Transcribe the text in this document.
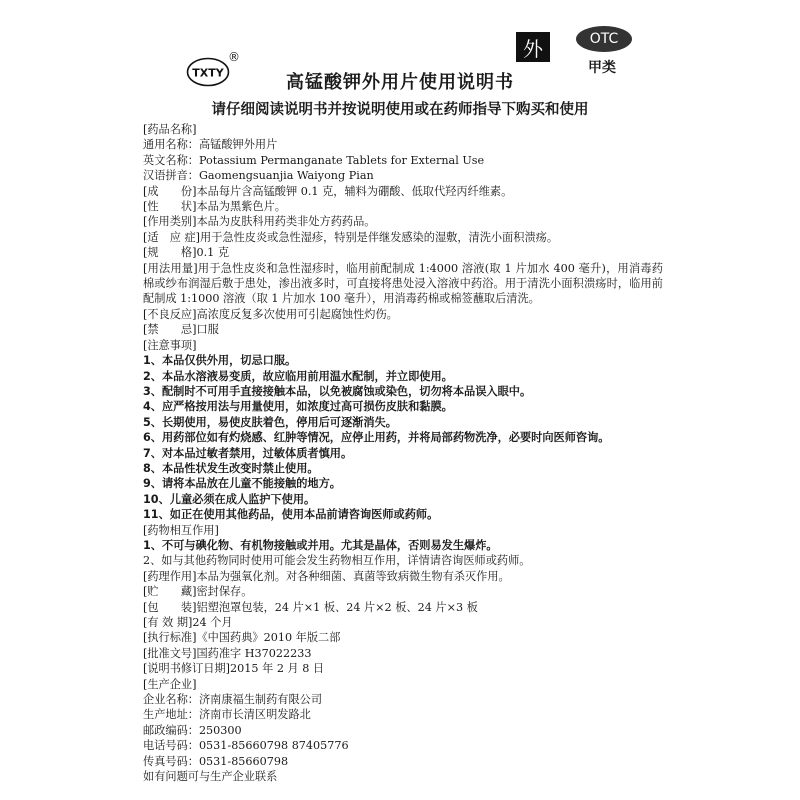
TXTY
®	外	OTC
甲类
高锰酸钾外用片使用说明书
请仔细阅读说明书并按说明使用或在药师指导下购买和使用
[药品名称]
通用名称：高锰酸钾外用片
英文名称：Potassium Permanganate Tablets for External Use
汉语拼音：Gaomengsuanjia Waiyong Pian
[成　　份]本品每片含高锰酸钾 0.1 克，辅料为硼酸、低取代羟丙纤维素。
[性　　状]本品为黑紫色片。
[作用类别]本品为皮肤科用药类非处方药药品。
[适　应 症]用于急性皮炎或急性湿疹，特别是伴继发感染的湿敷，清洗小面积溃疡。
[规　　格]0.1 克
[用法用量]用于急性皮炎和急性湿疹时，临用前配制成 1:4000 溶液(取 1 片加水 400 毫升)，用消毒药棉或纱布润湿后敷于患处，渗出液多时，可直接将患处浸入溶液中药浴。用于清洗小面积溃疡时，临用前配制成 1:1000 溶液（取 1 片加水 100 毫升），用消毒药棉或棉签蘸取后清洗。
[不良反应]高浓度反复多次使用可引起腐蚀性灼伤。
[禁　　忌]口服
[注意事项]
1、本品仅供外用，切忌口服。
2、本品水溶液易变质，故应临用前用温水配制，并立即使用。
3、配制时不可用手直接接触本品，以免被腐蚀或染色，切勿将本品误入眼中。
4、应严格按用法与用量使用，如浓度过高可损伤皮肤和黏膜。
5、长期使用，易使皮肤着色，停用后可逐渐消失。
6、用药部位如有灼烧感、红肿等情况，应停止用药，并将局部药物洗净，必要时向医师咨询。
7、对本品过敏者禁用，过敏体质者慎用。
8、本品性状发生改变时禁止使用。
9、请将本品放在儿童不能接触的地方。
10、儿童必须在成人监护下使用。
11、如正在使用其他药品，使用本品前请咨询医师或药师。
[药物相互作用]
1、不可与碘化物、有机物接触或并用。尤其是晶体，否则易发生爆炸。
2、如与其他药物同时使用可能会发生药物相互作用，详情请咨询医师或药师。
[药理作用]本品为强氧化剂。对各种细菌、真菌等致病微生物有杀灭作用。
[贮　　藏]密封保存。
[包　　装]铝塑泡罩包装，24 片×1 板、24 片×2 板、24 片×3 板
[有 效 期]24 个月
[执行标准]《中国药典》2010 年版二部
[批准文号]国药准字 H37022233
[说明书修订日期]2015 年 2 月 8 日
[生产企业]
企业名称：济南康福生制药有限公司
生产地址：济南市长清区明发路北
邮政编码：250300
电话号码：0531-85660798 87405776
传真号码：0531-85660798
如有问题可与生产企业联系
